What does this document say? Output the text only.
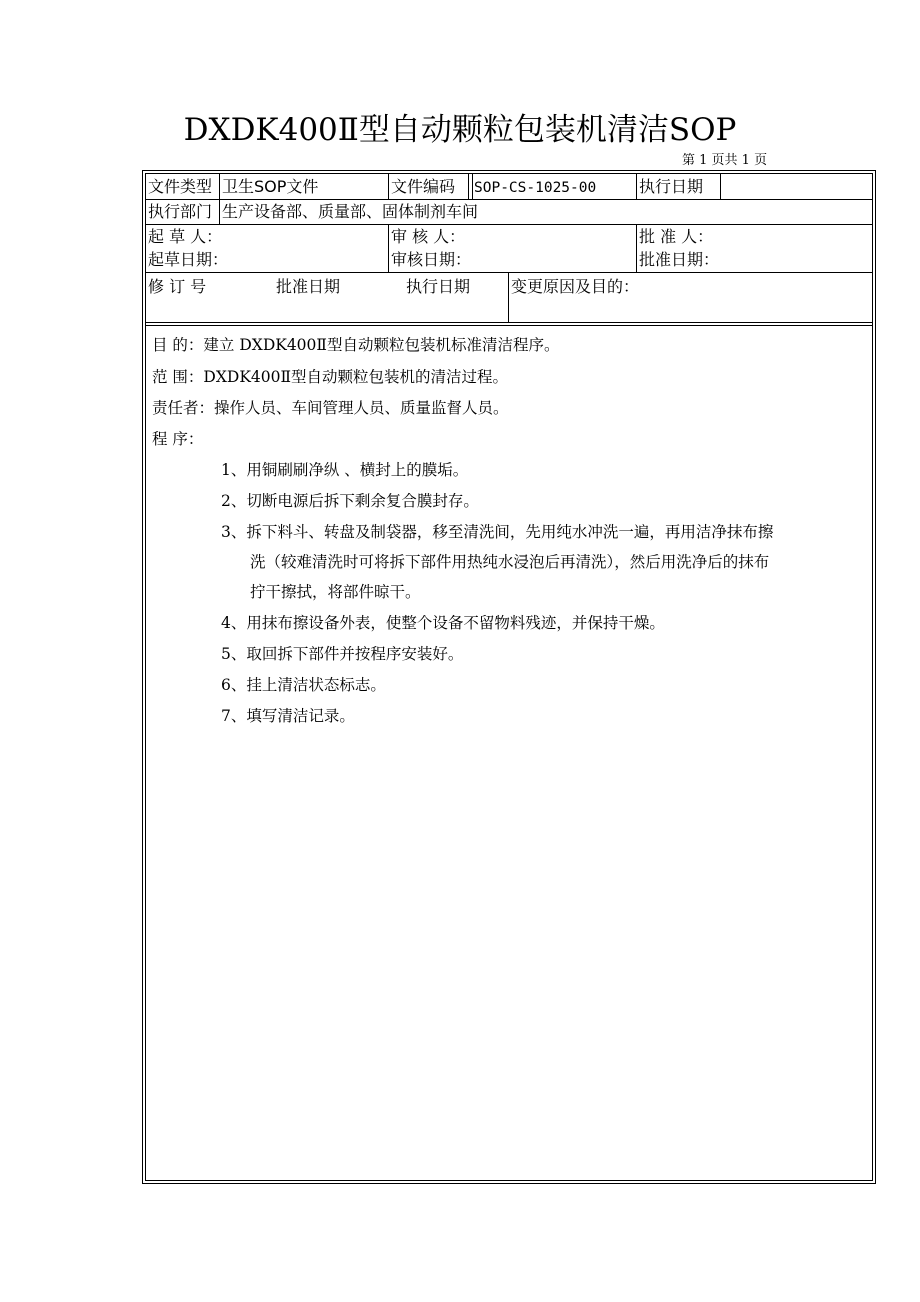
DXDK400Ⅱ型自动颗粒包装机清洁SOP
第 1 页共 1 页
文件类型 卫生SOP文件	文件编码 SOP-CS-1025-00	执行日期
执行部门 生产设备部、质量部、固体制剂车间
起 草 人：	审 核 人：	批 准 人：
起草日期：	审核日期：	批准日期：
修 订 号	批准日期	执行日期	变更原因及目的：
目 的：建立 DXDK400Ⅱ型自动颗粒包装机标准清洁程序。
范 围：DXDK400Ⅱ型自动颗粒包装机的清洁过程。
责任者：操作人员、车间管理人员、质量监督人员。
程 序：
1、用铜刷刷净纵 、横封上的膜垢。
2、切断电源后拆下剩余复合膜封存。
3、拆下料斗、转盘及制袋器，移至清洗间，先用纯水冲洗一遍，再用洁净抹布擦
洗（较难清洗时可将拆下部件用热纯水浸泡后再清洗），然后用洗净后的抹布
拧干擦拭，将部件晾干。
4、用抹布擦设备外表，使整个设备不留物料残迹，并保持干燥。
5、取回拆下部件并按程序安装好。
6、挂上清洁状态标志。
7、填写清洁记录。
